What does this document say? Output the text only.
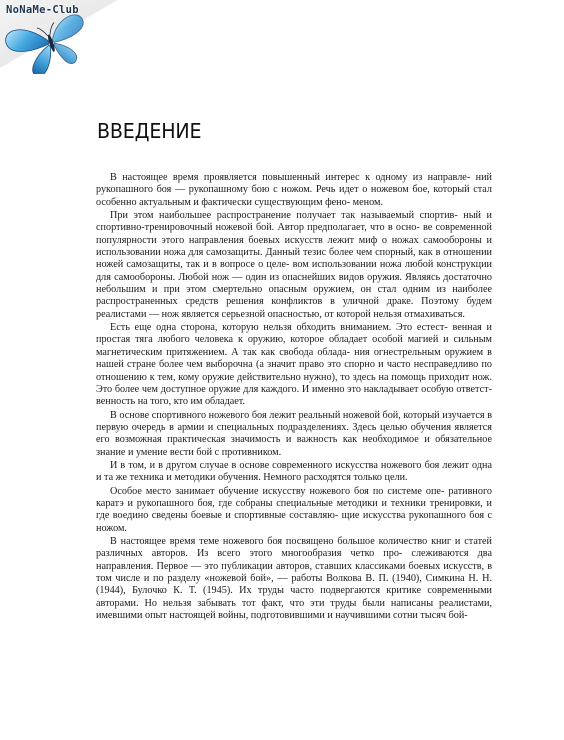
NoNaMe-Club
ВВЕДЕНИЕ

В настоящее время проявляется повышенный интерес к одному из направле- ний рукопашного боя — рукопашному бою с ножом. Речь идет о ножевом бое, который стал особенно актуальным и фактически существующим фено- меном.

При этом наибольшее распространение получает так называемый спортив- ный и спортивно-тренировочный ножевой бой. Автор предполагает, что в осно- ве современной популярности этого направления боевых искусств лежит миф о ножах самообороны и использовании ножа для самозащиты. Данный тезис более чем спорный, как в отношении ножей самозащиты, так и в вопросе о целе- вом использовании ножа любой конструкции для самообороны. Любой нож — один из опаснейших видов оружия. Являясь достаточно небольшим и при этом смертельно опасным оружием, он стал одним из наиболее распространенных средств решения конфликтов в уличной драке. Поэтому будем реалистами — нож является серьезной опасностью, от которой нельзя отмахиваться.

Есть еще одна сторона, которую нельзя обходить вниманием. Это естест- венная и простая тяга любого человека к оружию, которое обладает особой магией и сильным магнетическим притяжением. А так как свобода облада- ния огнестрельным оружием в нашей стране более чем выборочна (а значит право это спорно и часто несправедливо по отношению к тем, кому оружие действительно нужно), то здесь на помощь приходит нож. Это более чем доступное оружие для каждого. И именно это накладывает особую ответст- венность на того, кто им обладает.

В основе спортивного ножевого боя лежит реальный ножевой бой, который изучается в первую очередь в армии и специальных подразделениях. Здесь целью обучения является его возможная практическая значимость и важность как необходимое и обязательное знание и умение вести бой с противником.

И в том, и в другом случае в основе современного искусства ножевого боя лежит одна и та же техника и методики обучения. Немного расходятся только цели.

Особое место занимает обучение искусству ножевого боя по системе опе- ративного каратэ и рукопашного боя, где собраны специальные методики и техники тренировки, и где воедино сведены боевые и спортивные составляю- щие искусства рукопашного боя с ножом.

В настоящее время теме ножевого боя посвящено большое количество книг и статей различных авторов. Из всего этого многообразия четко про- слеживаются два направления. Первое — это публикации авторов, ставших классиками боевых искусств, в том числе и по разделу «ножевой бой», — работы Волкова В. П. (1940), Симкина Н. Н. (1944), Булочко К. Т. (1945). Их труды часто подвергаются критике современными авторами. Но нельзя забывать тот факт, что эти труды были написаны реалистами, имевшими опыт настоящей войны, подготовившими и научившими сотни тысяч бой-
